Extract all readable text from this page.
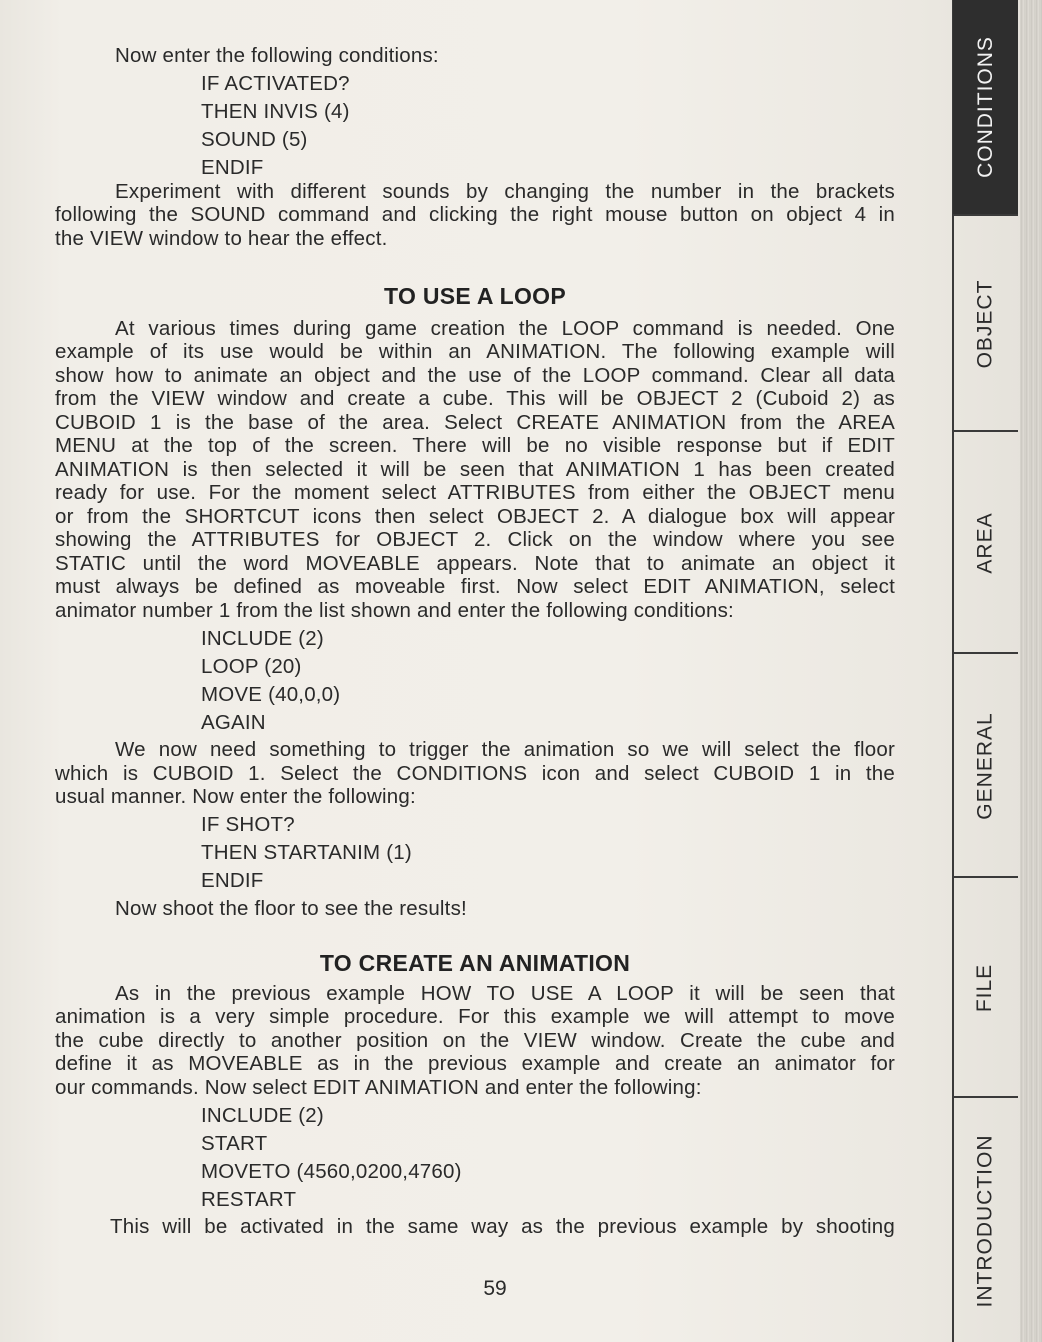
CONDITIONS
OBJECT
AREA
GENERAL
FILE
INTRODUCTION
Now enter the following conditions:
IF ACTIVATED?
THEN INVIS (4)
SOUND (5)
ENDIF
Experiment with different sounds by changing the number in the brackets
following the SOUND command and clicking the right mouse button on object 4 in
the VIEW window to hear the effect.
TO USE A LOOP
At various times during game creation the LOOP command is needed. One
example of its use would be within an ANIMATION. The following example will
show how to animate an object and the use of the LOOP command. Clear all data
from the VIEW window and create a cube. This will be OBJECT 2 (Cuboid 2) as
CUBOID 1 is the base of the area. Select CREATE ANIMATION from the AREA
MENU at the top of the screen. There will be no visible response but if EDIT
ANIMATION is then selected it will be seen that ANIMATION 1 has been created
ready for use. For the moment select ATTRIBUTES from either the OBJECT menu
or from the SHORTCUT icons then select OBJECT 2. A dialogue box will appear
showing the ATTRIBUTES for OBJECT 2. Click on the window where you see
STATIC until the word MOVEABLE appears. Note that to animate an object it
must always be defined as moveable first. Now select EDIT ANIMATION, select
animator number 1 from the list shown and enter the following conditions:
INCLUDE (2)
LOOP (20)
MOVE (40,0,0)
AGAIN
We now need something to trigger the animation so we will select the floor
which is CUBOID 1. Select the CONDITIONS icon and select CUBOID 1 in the
usual manner. Now enter the following:
IF SHOT?
THEN STARTANIM (1)
ENDIF
Now shoot the floor to see the results!
TO CREATE AN ANIMATION
As in the previous example HOW TO USE A LOOP it will be seen that
animation is a very simple procedure. For this example we will attempt to move
the cube directly to another position on the VIEW window. Create the cube and
define it as MOVEABLE as in the previous example and create an animator for
our commands. Now select EDIT ANIMATION and enter the following:
INCLUDE (2)
START
MOVETO (4560,0200,4760)
RESTART
This will be activated in the same way as the previous example by shooting
59
